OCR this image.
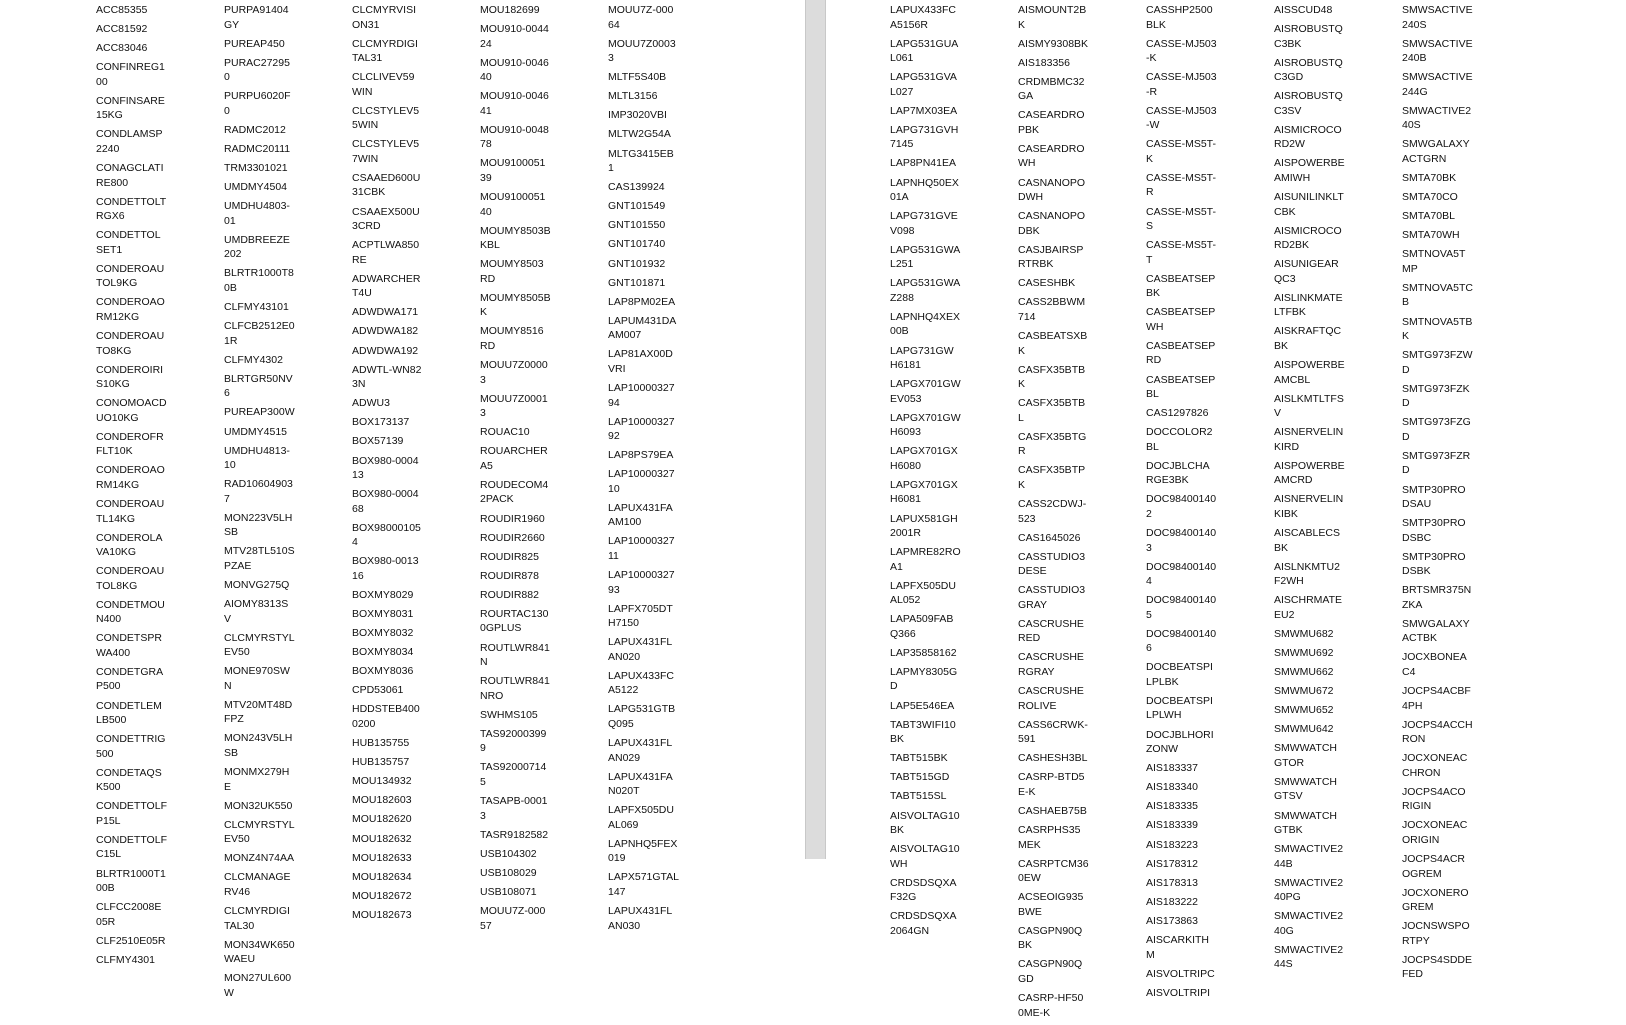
ACC85355
ACC81592
ACC83046
CONFINREG100
CONFINSARE15KG
CONDLAMSP2240
CONAGCLATIRE800
CONDETTOLTRGX6
CONDETTOLSET1
CONDEROAUTOL9KG
CONDEROAORM12KG
CONDEROAUTO8KG
CONDEROIRIS10KG
CONOMOACDUO10KG
CONDEROFRFLT10K
CONDEROAORM14KG
CONDEROAUTL14KG
CONDEROLAVA10KG
CONDEROAUTOL8KG
CONDETMOUN400
CONDETSPRWA400
CONDETGRAP500
CONDETLEMLB500
CONDETTRIG500
CONDETAQSK500
CONDETTOLFP15L
CONDETTOLFC15L
BLRTR1000T100B
CLFCC2008E05R
CLF2510E05R
CLFMY4301
PURPA91404GY
PUREAP450
PURAC272950
PURPU6020F0
RADMC2012
RADMC20111
TRM3301021
UMDMY4504
UMDHU4803-01
UMDBREEZE202
BLRTR1000T80B
CLFMY43101
CLFCB2512E01R
CLFMY4302
BLRTGR50NV6
PUREAP300W
UMDMY4515
UMDHU4813-10
RAD106049037
MON223V5LHSB
MTV28TL510SPZAE
MONVG275Q
AIOMY8313SV
CLCMYRSTYLEV50
MONE970SWN
MTV20MT48DFPZ
MON243V5LHSB
MONMX279HE
MON32UK550
CLCMYRSTYLEV50
MONZ4N74AA
CLCMANAGERV46
CLCMYRDIGITAL30
MON34WK650WAEU
MON27UL600W
CLCMYRVISION31
CLCMYRDIGITAL31
CLCLIVEV59WIN
CLCSTYLEV55WIN
CLCSTYLEV57WIN
CSAAED600U31CBK
CSAAEX500U3CRD
ACPTLWA850RE
ADWARCHERT4U
ADWDWA171
ADWDWA182
ADWDWA192
ADWTL-WN823N
ADWU3
BOX173137
BOX57139
BOX980-000413
BOX980-000468
BOX980001054
BOX980-001316
BOXMY8029
BOXMY8031
BOXMY8032
BOXMY8034
BOXMY8036
CPD53061
HDDSTEB4000200
HUB135755
HUB135757
MOU134932
MOU182603
MOU182620
MOU182632
MOU182633
MOU182634
MOU182672
MOU182673
MOU182699
MOU910-004424
MOU910-004640
MOU910-004641
MOU910-004878
MOU910005139
MOU910005140
MOUMY8503BKBL
MOUMY8503RD
MOUMY8505BK
MOUMY8516RD
MOUU7Z00003
MOUU7Z00013
ROUAC10
ROUARCHERA5
ROUDECOM42PACK
ROUDIR1960
ROUDIR2660
ROUDIR825
ROUDIR878
ROUDIR882
ROURTAC1300GPLUS
ROUTLWR841N
ROUTLWR841NRO
SWHMS105
TAS920003999
TAS920007145
TASAPB-00013
TASR9182582
USB104302
USB108029
USB108071
MOUU7Z-00057
MOUU7Z-00064
MOUU7Z00033
MLTF5S40B
MLTL3156
IMP3020VBI
MLTW2G54A
MLTG3415EB1
CAS139924
GNT101549
GNT101550
GNT101740
GNT101932
GNT101871
LAP8PM02EA
LAPUM431DAAM007
LAP81AX00DVRI
LAP1000032794
LAP1000032792
LAP8PS79EA
LAP1000032710
LAPUX431FAAM100
LAP1000032711
LAP1000032793
LAPFX705DTH7150
LAPUX431FLAN020
LAPUX433FCA5122
LAPG531GTBQ095
LAPUX431FLAN029
LAPUX431FAN020T
LAPFX505DUAL069
LAPNHQ5FEX019
LAPX571GTAL147
LAPUX431FLAN030
LAPUX433FCA5156R
LAPG531GUAL061
LAPG531GVAL027
LAP7MX03EA
LAPG731GVH7145
LAP8PN41EA
LAPNHQ50EX01A
LAPG731GVEV098
LAPG531GWAL251
LAPG531GWAZ288
LAPNHQ4XEX00B
LAPG731GWH6181
LAPGX701GWEV053
LAPGX701GWH6093
LAPGX701GXH6080
LAPGX701GXH6081
LAPUX581GH2001R
LAPMRE82ROA1
LAPFX505DUAL052
LAPA509FABQ366
LAP35858162
LAPMY8305GD
LAP5E546EA
TABT3WIFI10BK
TABT515BK
TABT515GD
TABT515SL
AISVOLTAG10BK
AISVOLTAG10WH
CRDSDSQXAF32G
CRDSDSQXA2064GN
AISMOUNT2BK
AISMY9308BK
AIS183356
CRDMBMC32GA
CASEARDROPBK
CASEARDROWH
CASNANOPODWH
CASNANOPODBK
CASJBAIRSPRTRBK
CASESHBK
CASS2BBWM714
CASBEATSXBK
CASFX35BTBK
CASFX35BTBL
CASFX35BTGR
CASFX35BTPK
CASS2CDWJ-523
CAS1645026
CASSTUDIO3DESE
CASSTUDIO3GRAY
CASCRUSHERED
CASCRUSHERGRAY
CASCRUSHEROLIVE
CASS6CRWK-591
CASHESH3BL
CASRP-BTD5E-K
CASHAEB75B
CASRPHS35MEK
CASRPTCM360EW
ACSEOIG935BWE
CASGPN90QBK
CASGPN90QGD
CASRP-HF500ME-K
CASSHP2500BLK
CASSE-MJ503-K
CASSE-MJ503-R
CASSE-MJ503-W
CASSE-MS5T-K
CASSE-MS5T-R
CASSE-MS5T-S
CASSE-MS5T-T
CASBEATSEPBK
CASBEATSEPWH
CASBEATSEPRD
CASBEATSEPBL
CAS1297826
DOCCOLOR2BL
DOCJBLCHARGE3BK
DOC984001402
DOC984001403
DOC984001404
DOC984001405
DOC984001406
DOCBEATSPILPLBK
DOCBEATSPILPLWH
DOCJBLHORIZONW
AIS183337
AIS183340
AIS183335
AIS183339
AIS183223
AIS178312
AIS178313
AIS183222
AIS173863
AISCARKITHM
AISVOLTRIPC
AISVOLTRIPI
AISSCUD48
AISROBUSTQC3BK
AISROBUSTQC3GD
AISROBUSTQC3SV
AISMICROCORD2W
AISPOWERBEAMIWH
AISUNILINKLTCBK
AISMICROCORD2BK
AISUNIGEARQC3
AISLINKMATELTFBK
AISKRAFTQCBK
AISPOWERBEAMCBL
AISLKMTLTFSV
AISNERVELINKIRD
AISPOWERBEAMCRD
AISNERVELINKIBK
AISCABLECSBK
AISLNKMTU2F2WH
AISCHRMATEEU2
SMWMU682
SMWMU692
SMWMU662
SMWMU672
SMWMU652
SMWMU642
SMWWATCHGTOR
SMWWATCHGTSV
SMWWATCHGTBK
SMWACTIVE244B
SMWACTIVE240PG
SMWACTIVE240G
SMWACTIVE244S
SMWSACTIVE240S
SMWSACTIVE240B
SMWSACTIVE244G
SMWACTIVE240S
SMWGALAXYACTGRN
SMTA70BK
SMTA70CO
SMTA70BL
SMTA70WH
SMTNOVA5TMP
SMTNOVA5TCB
SMTNOVA5TBK
SMTG973FZWD
SMTG973FZKD
SMTG973FZGD
SMTG973FZRD
SMTP30PRODSAU
SMTP30PRODSBC
SMTP30PRODSBK
BRTSMR375NZKA
SMWGALAXYACTBK
JOCXBONEAC4
JOCPS4ACBF4PH
JOCPS4ACCHRON
JOCXONEACCHRON
JOCPS4ACORIGIN
JOCXONEACORIGIN
JOCPS4ACROGREM
JOCXONEROGREM
JOCNSWSPORTPY
JOCPS4SDDEFED
